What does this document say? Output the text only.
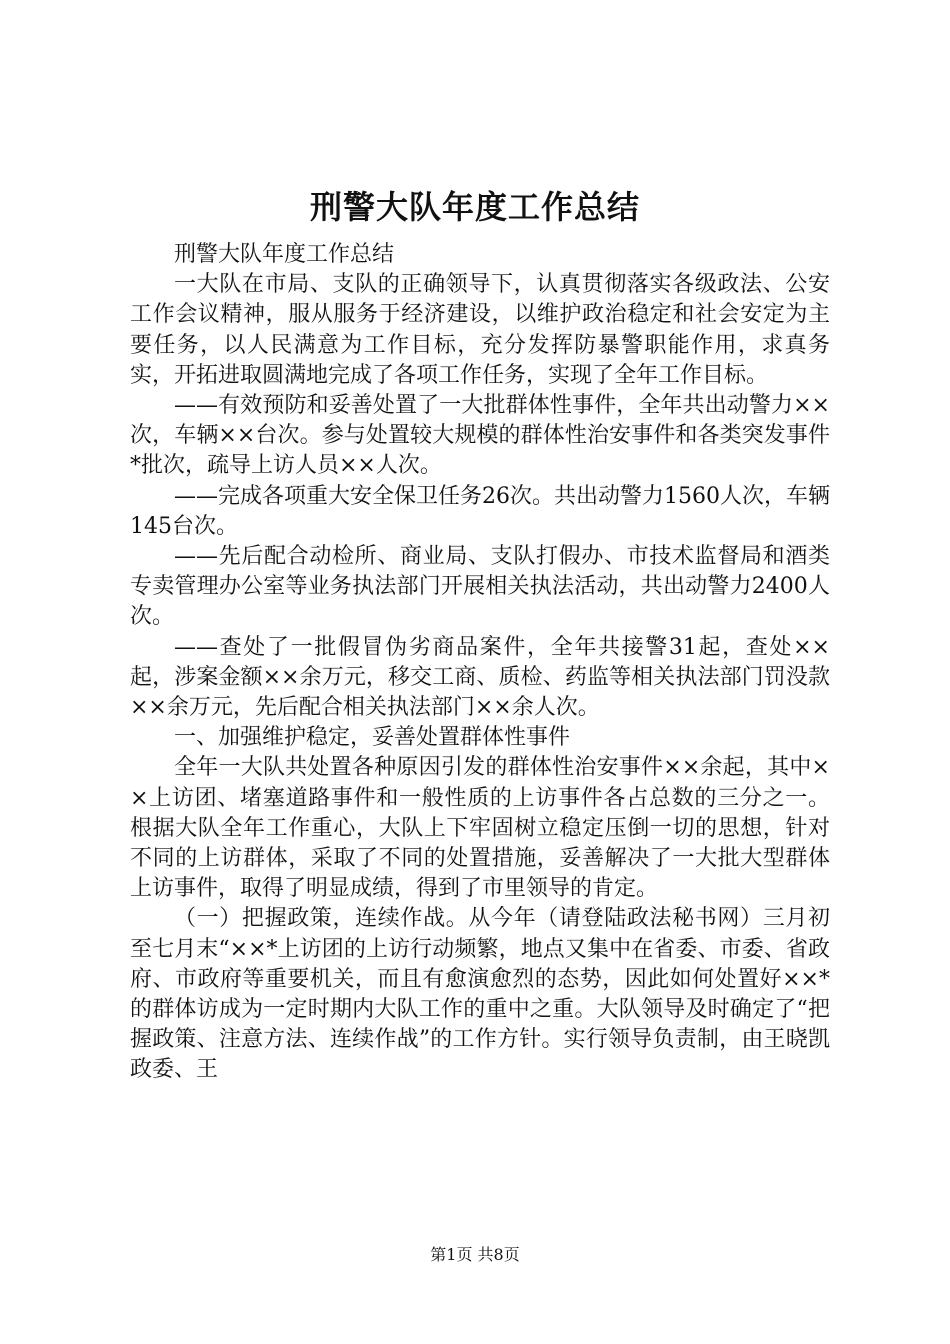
刑警大队年度工作总结

刑警大队年度工作总结

一大队在市局、支队的正确领导下，认真贯彻落实各级政法、公安工作会议精神，服从服务于经济建设，以维护政治稳定和社会安定为主要任务，以人民满意为工作目标，充分发挥防暴警职能作用，求真务实，开拓进取圆满地完成了各项工作任务，实现了全年工作目标。

——有效预防和妥善处置了一大批群体性事件，全年共出动警力××次，车辆××台次。参与处置较大规模的群体性治安事件和各类突发事件*批次，疏导上访人员××人次。

——完成各项重大安全保卫任务26次。共出动警力1560人次，车辆145台次。

——先后配合动检所、商业局、支队打假办、市技术监督局和酒类专卖管理办公室等业务执法部门开展相关执法活动，共出动警力2400人次。

——查处了一批假冒伪劣商品案件，全年共接警31起，查处××起，涉案金额××余万元，移交工商、质检、药监等相关执法部门罚没款××余万元，先后配合相关执法部门××余人次。

一、加强维护稳定，妥善处置群体性事件

全年一大队共处置各种原因引发的群体性治安事件××余起，其中××上访团、堵塞道路事件和一般性质的上访事件各占总数的三分之一。根据大队全年工作重心，大队上下牢固树立稳定压倒一切的思想，针对不同的上访群体，采取了不同的处置措施，妥善解决了一大批大型群体上访事件，取得了明显成绩，得到了市里领导的肯定。

（一）把握政策，连续作战。从今年（请登陆政法秘书网）三月初至七月末“××*上访团的上访行动频繁，地点又集中在省委、市委、省政府、市政府等重要机关，而且有愈演愈烈的态势，因此如何处置好××*的群体访成为一定时期内大队工作的重中之重。大队领导及时确定了“把握政策、注意方法、连续作战”的工作方针。实行领导负责制，由王晓凯政委、王

第1页 共8页
